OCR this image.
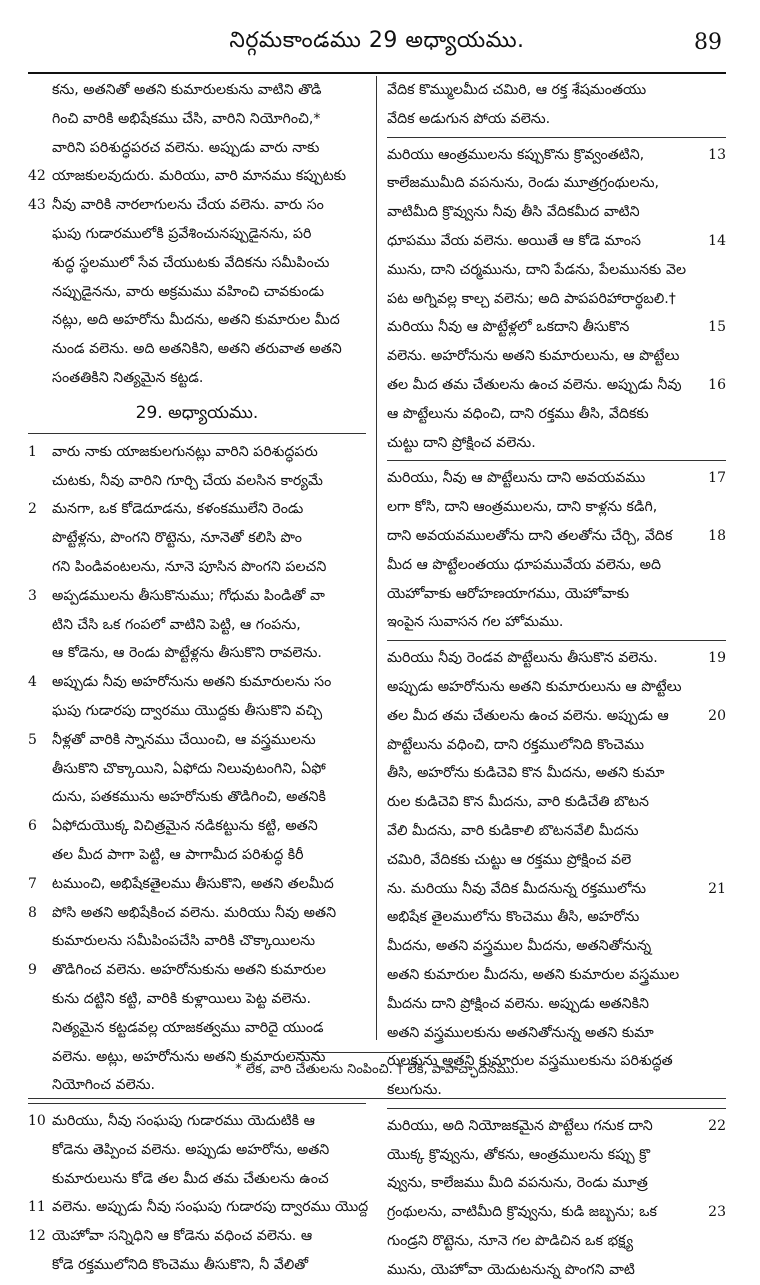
నిర్గమకాండము 29 అధ్యాయము.	89
కను, అతనితో అతని కుమారులకును వాటిని తొడి
గించి వారికి అభిషేకము చేసి, వారిని నియోగించి,*
వారిని పరిశుద్ధపరచ వలెను. అప్పుడు వారు నాకు
42 యాజకులవుదురు. మరియు, వారి మానము కప్పుటకు
43 నీవు వారికి నారలాగులను చేయ వలెను. వారు సం
ఘపు గుడారములోకి ప్రవేశించునప్పుడైనను, పరి
శుద్ధ స్థలములో సేవ చేయుటకు వేదికను సమీపించు
నప్పుడైనను, వారు అక్రమము వహించి చావకుండు
నట్లు, అది అహరోను మీదను, అతని కుమారుల మీద
నుండ వలెను. అది అతనికిని, అతని తరువాత అతని
సంతతికిని నిత్యమైన కట్టడ.
29. అధ్యాయము.
1	వారు నాకు యాజకులగునట్లు వారిని పరిశుద్ధపరు
చుటకు, నీవు వారిని గూర్చి చేయ వలసిన కార్యమే
2	మనగా, ఒక కోడెదూడను, కళంకములేని రెండు
పొట్టేళ్లను, పొంగని రొట్టెను, నూనెతో కలిసి పొం
గని పిండివంటలను, నూనె పూసిన పొంగని పలచని
3	అప్పడములను తీసుకొనుము; గోధుమ పిండితో వా
టిని చేసి ఒక గంపలో వాటిని పెట్టి, ఆ గంపను,
ఆ కోడెను, ఆ రెండు పొట్టేళ్లను తీసుకొని రావలెను.
4	అప్పుడు నీవు అహరోనును అతని కుమారులను సం
ఘపు గుడారపు ద్వారము యొద్దకు తీసుకొని వచ్చి
5	నీళ్లతో వారికి స్నానము చేయించి, ఆ వస్త్రములను
తీసుకొని చొక్కాయిని, ఏఫోదు నిలువుటంగిని, ఏఫో
దును, పతకమును అహరోనుకు తొడిగించి, అతనికి
6	ఏఫోదుయొక్క విచిత్రమైన నడికట్టును కట్టి, అతని
తల మీద పాగా పెట్టి, ఆ పాగామీద పరిశుద్ధ కిరీ
7	టముంచి, అభిషేకతైలము తీసుకొని, అతని తలమీద
8	పోసి అతని అభిషేకించ వలెను. మరియు నీవు అతని
కుమారులను సమీపింపచేసి వారికి చొక్కాయిలను
9	తొడిగించ వలెను. అహరోనుకును అతని కుమారుల
కును దట్టిని కట్టి, వారికి కుళ్లాయిలు పెట్ట వలెను.
నిత్యమైన కట్టడవల్ల యాజకత్వము వారిదై యుండ
వలెను. అట్లు, అహరోనును అతని కుమారులనును
నియోగించ వలెను.
10 మరియు, నీవు సంఘపు గుడారము యెదుటికి ఆ
కోడెను తెప్పించ వలెను. అప్పుడు అహరోను, అతని
కుమారులును కోడె తల మీద తమ చేతులను ఉంచ
11 వలెను. అప్పుడు నీవు సంఘపు గుడారపు ద్వారము యొద్ద
12 యెహోవా సన్నిధిని ఆ కోడెను వధించ వలెను. ఆ
కోడె రక్తములోనిది కొంచెము తీసుకొని, నీ వేలితో
వేదిక కొమ్ములమీద చమిరి, ఆ రక్త శేషమంతయు
వేదిక అడుగున పోయ వలెను.
13
మరియు ఆంత్రములను కప్పుకొను క్రొవ్వంతటిని,
కాలేజముమీది వపనును, రెండు మూత్రగ్రంథులను,
వాటిమీది క్రొవ్వును నీవు తీసి వేదికమీద వాటిని
14
ధూపము వేయ వలెను. అయితే ఆ కోడె మాంస
మును, దాని చర్మమును, దాని పేడను, పేలమునకు వెల
పట అగ్నివల్ల కాల్చ వలెను; అది పాపపరిహారార్థబలి.†
15
మరియు నీవు ఆ పొట్టేళ్లలో ఒకదాని తీసుకొన
వలెను. అహరోనును అతని కుమారులును, ఆ పొట్టేలు
16
తల మీద తమ చేతులను ఉంచ వలెను. అప్పుడు నీవు
ఆ పొట్టేలును వధించి, దాని రక్తము తీసి, వేదికకు
చుట్టు దాని ప్రోక్షించ వలెను.
17
మరియు, నీవు ఆ పొట్టేలును దాని అవయవము
లగా కోసి, దాని ఆంత్రములను, దాని కాళ్లను కడిగి,
18
దాని అవయవములతోను దాని తలతోను చేర్చి, వేదిక
మీద ఆ పొట్టేలంతయు ధూపమువేయ వలెను, అది
యెహోవాకు ఆరోహణయాగము, యెహోవాకు
ఇంపైన సువాసన గల హోమము.
19
మరియు నీవు రెండవ పొట్టేలును తీసుకొన వలెను.
అప్పుడు అహరోనును అతని కుమారులును ఆ పొట్టేలు
20
తల మీద తమ చేతులను ఉంచ వలెను. అప్పుడు ఆ
పొట్టేలును వధించి, దాని రక్తములోనిది కొంచెము
తీసి, అహరోను కుడిచెవి కొన మీదను, అతని కుమా
రుల కుడిచెవి కొన మీదను, వారి కుడిచేతి బొటన
వేలి మీదను, వారి కుడికాలి బొటనవేలి మీదను
చమిరి, వేదికకు చుట్టు ఆ రక్తము ప్రోక్షించ వలె
21
ను. మరియు నీవు వేదిక మీదనున్న రక్తములోను
అభిషేక తైలములోను కొంచెము తీసి, అహరోను
మీదను, అతని వస్త్రముల మీదను, అతనితోనున్న
అతని కుమారుల మీదను, అతని కుమారుల వస్త్రముల
మీదను దాని ప్రోక్షించ వలెను. అప్పుడు అతనికిని
అతని వస్త్రములకును అతనితోనున్న అతని కుమా
రులకును అతని కుమారుల వస్త్రములకును పరిశుద్ధత
కలుగును.
22
మరియు, అది నియోజకమైన పొట్టేలు గనుక దాని
యొక్క క్రొవ్వును, తోకను, ఆంత్రములను కప్పు క్రొ
వ్వును, కాలేజము మీది వపనును, రెండు మూత్ర
23
గ్రంథులను, వాటిమీది క్రొవ్వును, కుడి జబ్బను; ఒక
గుండ్రని రొట్టెను, నూనె గల పొడిచిన ఒక భక్ష్య
మును, యెహోవా యెదుటనున్న పొంగని వాటి
* లేక, వారి చేతులను నింపించి. † లేక, పాపాచ్ఛాదనము.
